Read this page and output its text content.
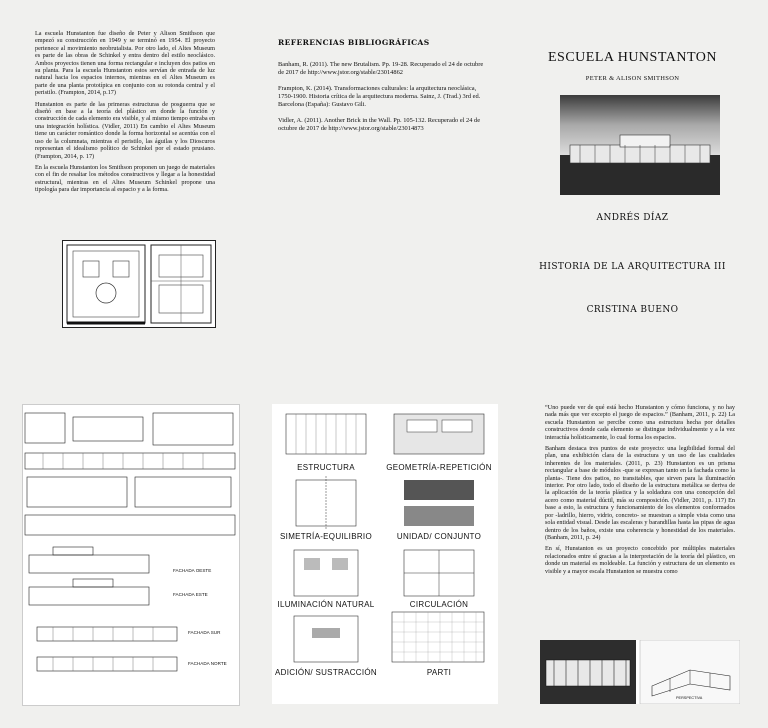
La escuela Hunstanton fue diseño de Peter y Alison Smithson que empezó su construcción en 1949 y se terminó en 1954. El proyecto pertenece al movimiento neobrutalista. Por otro lado, el Altes Museum es parte de las obras de Schinkel y entra dentro del estilo neoclásico. Ambos proyectos tienen una forma rectangular e incluyen dos patios en su planta. Para la escuela Hunstanton estos servían de entrada de luz natural hacia los espacios internos, mientras en el Altes Museum es parte de una planta prototípica en conjunto con su rotonda central y el peristilo. (Frampton, 2014, p.17)

Hunstanton es parte de las primeras estructuras de posguerra que se diseñó en base a la teoría del plástico en donde la función y construcción de cada elemento era visible, y al mismo tiempo entraba en una integración holística. (Vidler, 2011) En cambio el Altes Museum tiene un carácter romántico donde la forma horizontal se acentúa con el uso de la columnata, mientras el peristilo, las águilas y los Dioscuros representan el idealismo político de Schinkel por el estado prusiano. (Frampton, 2014, p. 17)

En la escuela Hunstanton los Smithson proponen un juego de materiales con el fin de resaltar los métodos constructivos y llegar a la honestidad estructural, mientras en el Altes Museum Schinkel propone una tipología para dar importancia al espacio y a la forma.

REFERENCIAS BIBLIOGRÁFICAS

Banham, R. (2011). The new Brutalism. Pp. 19-28. Recuperado el 24 de octubre de 2017 de http://www.jstor.org/stable/23014862

Frampton, K. (2014). Transformaciones culturales: la arquitectura neoclásica, 1750-1900. Historia crítica de la arquitectura moderna. Sainz, J. (Trad.) 3rd ed. Barcelona (España): Gustavo Gili.

Vidler, A. (2011). Another Brick in the Wall. Pp. 105-132. Recuperado el 24 de octubre de 2017 de http://www.jstor.org/stable/23014873

ESCUELA HUNSTANTON
PETER & ALISON SMITHSON
ANDRÉS DÍAZ
HISTORIA DE LA ARQUITECTURA III
CRISTINA BUENO
FACHADA OESTE
FACHADA ESTE
FACHADA SUR
FACHADA NORTE
ESTRUCTURA	GEOMETRÍA-REPETICIÓN
SIMETRÍA-EQUILIBRIO	UNIDAD/ CONJUNTO
ILUMINACIÓN NATURAL	CIRCULACIÓN
ADICIÓN/ SUSTRACCIÓN	PARTI

“Uno puede ver de qué está hecho Hunstanton y cómo funciona, y no hay nada más que ver excepto el juego de espacios.” (Banham, 2011, p. 22) La escuela Hunstanton se percibe como una estructura hecha por detalles constructivos donde cada elemento se distingue individualmente y a la vez interactúa holísticamente, lo cual forma los espacios.

Banham destaca tres puntos de este proyecto: una legibilidad formal del plan, una exhibición clara de la estructura y un uso de las cualidades inherentes de los materiales. (2011, p. 23) Hunstanton es un prisma rectangular a base de módulos -que se expresan tanto en la fachada como la planta-. Tiene dos patios, no transitables, que sirven para la iluminación interior. Por otro lado, todo el diseño de la estructura metálica se deriva de la aplicación de la teoría plástica y la soldadura con una concepción del acero como material dúctil, más su composición. (Vidler, 2011, p. 117) En base a esto, la estructura y funcionamiento de los elementos conformados por -ladrillo, hierro, vidrio, concreto- se muestran a simple vista como una sola entidad visual. Desde las escaleras y barandillas hasta las pipas de agua dentro de los baños, existe una coherencia y honestidad de los materiales. (Banham, 2011, p. 24)

En sí, Hunstanton es un proyecto concebido por múltiples materiales relacionados entre sí gracias a la interpretación de la teoría del plástico, en donde un material es moldeable. La función y estructura de un elemento es visible y a mayor escala Hunstanton se muestra como

PERSPECTIVA
